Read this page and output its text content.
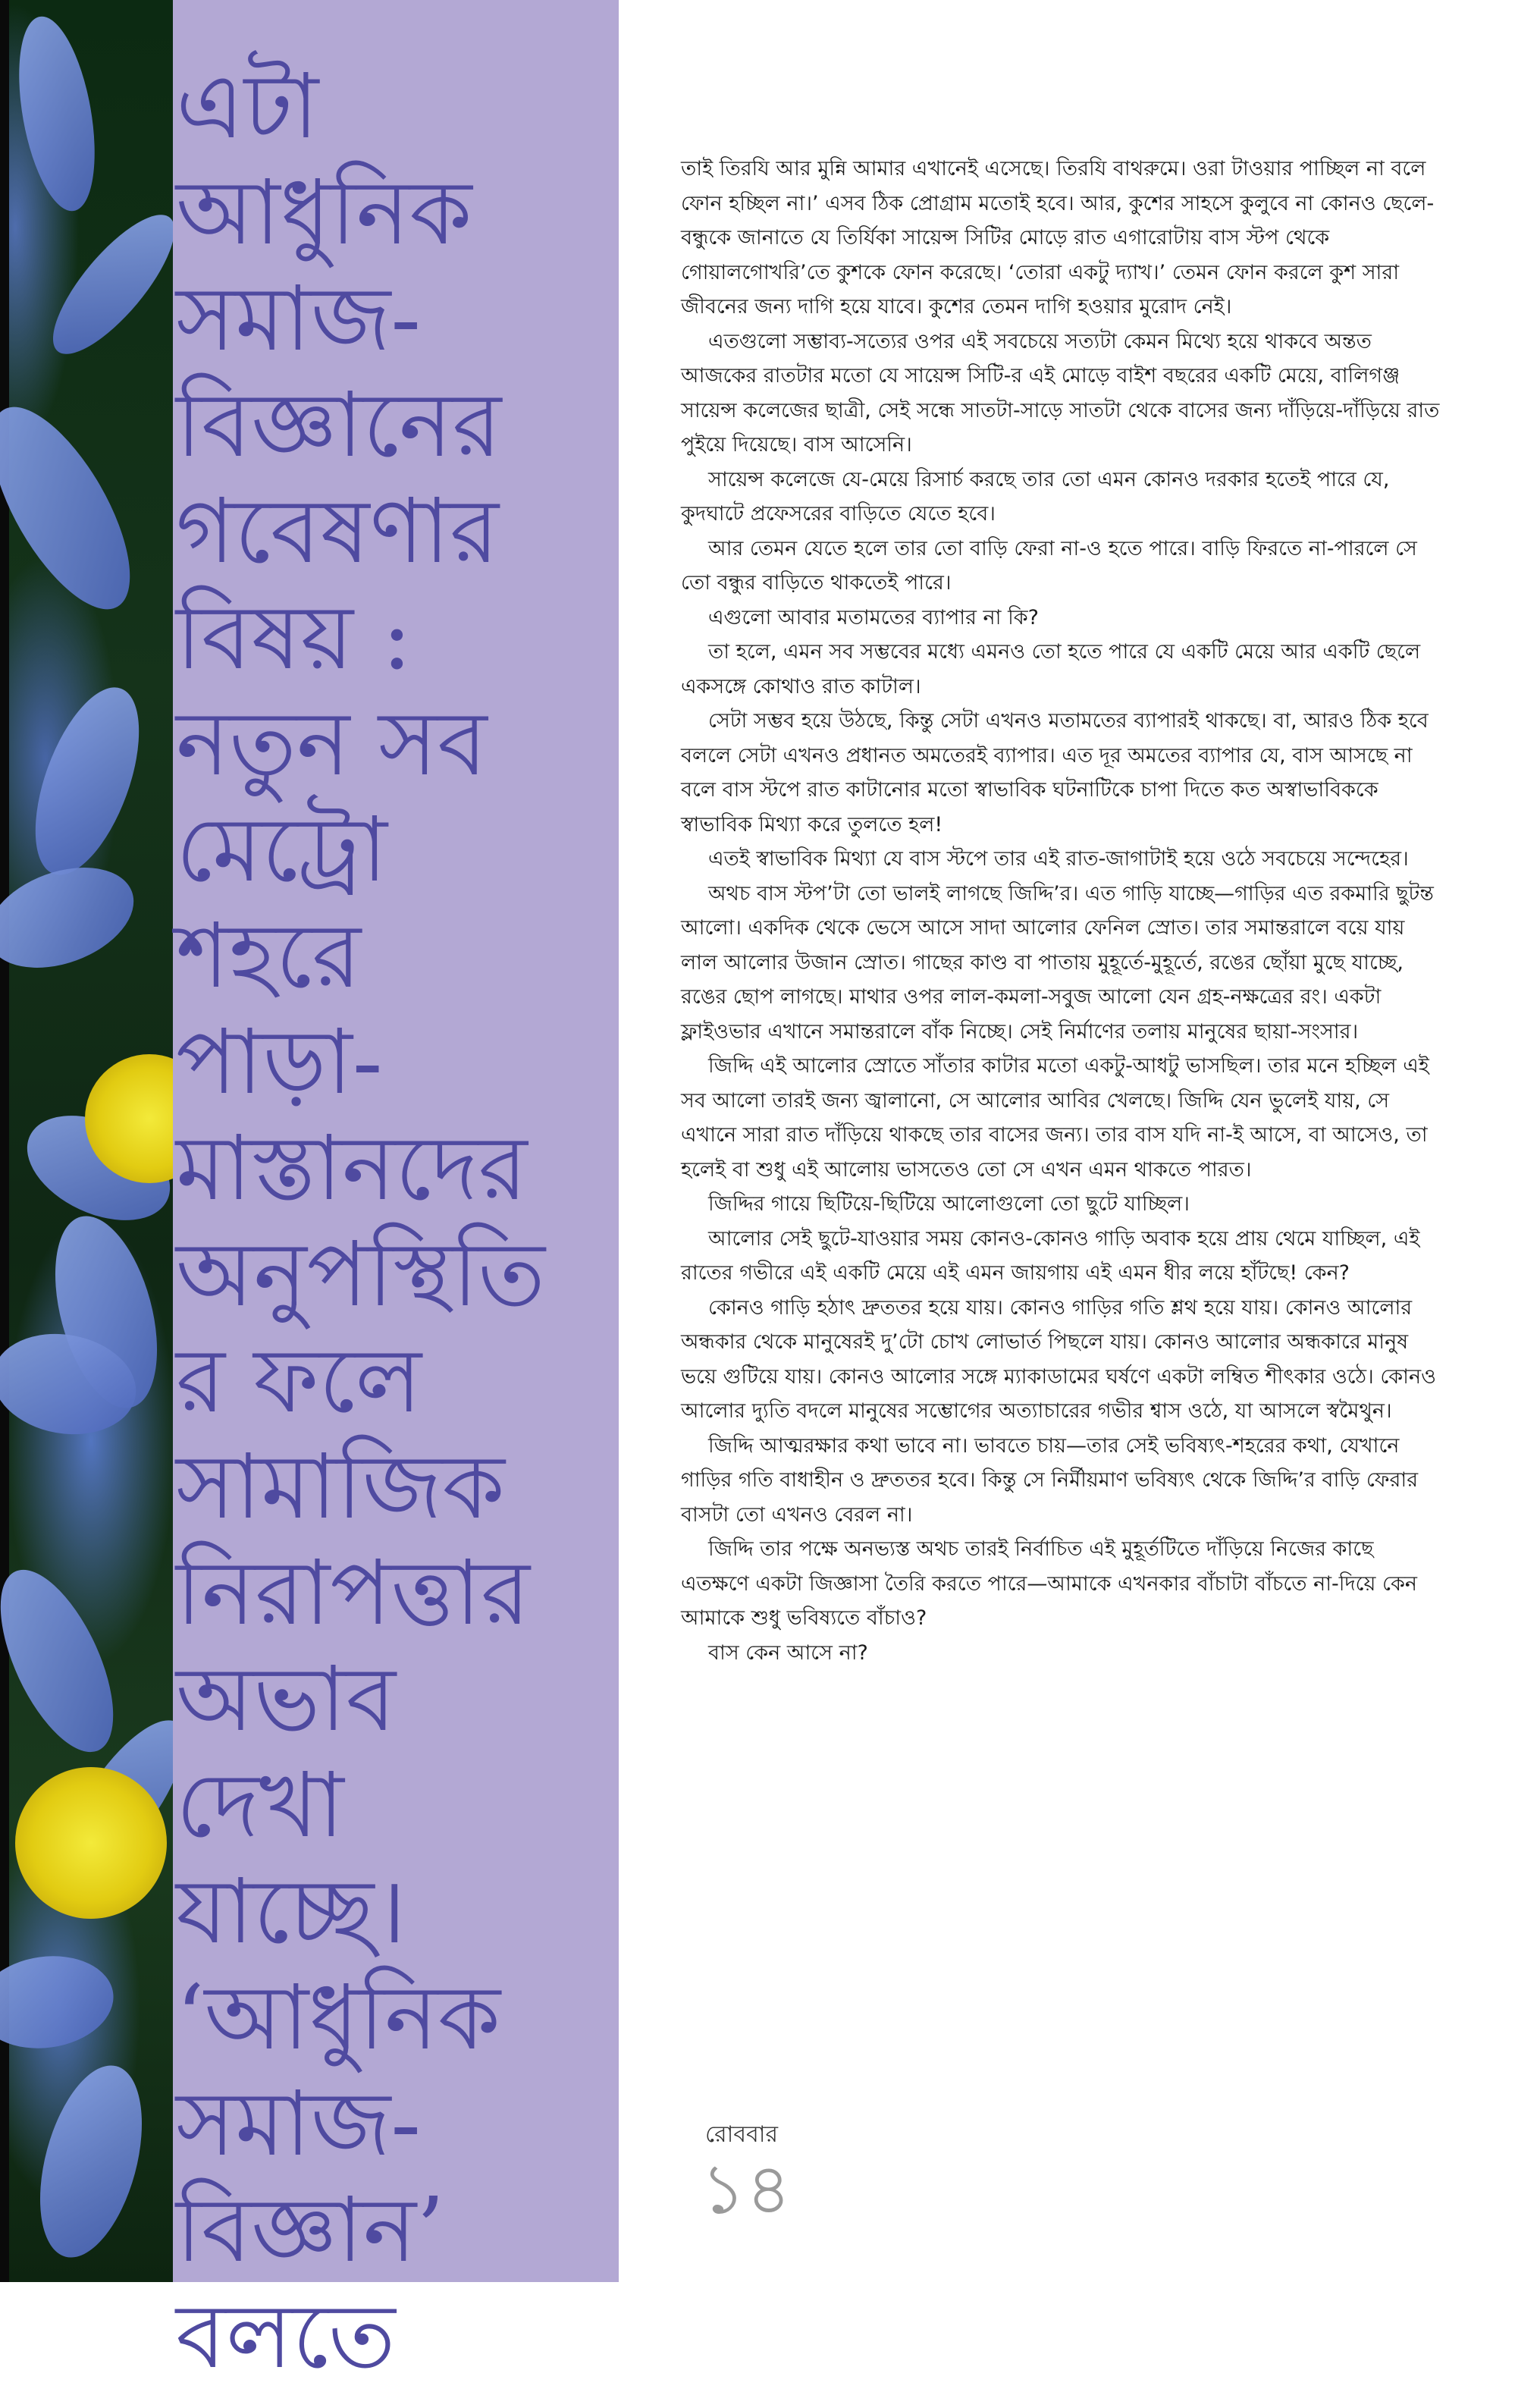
এটা
আধুনিক
সমাজ-
বিজ্ঞানের
গবেষণার
বিষয় :
নতুন সব
মেট্রো
শহরে
পাড়া-
মাস্তানদের
অনুপস্থিতি
র ফলে
সামাজিক
নিরাপত্তার
অভাব
দেখা
যাচ্ছে।
‘আধুনিক
সমাজ-
বিজ্ঞান’
বলতে

তাই তিরযি আর মুন্নি আমার এখানেই এসেছে। তিরযি বাথরুমে। ওরা টাওয়ার পাচ্ছিল না বলে ফোন হচ্ছিল না।’ এসব ঠিক প্রোগ্রাম মতোই হবে। আর, কুশের সাহসে কুলুবে না কোনও ছেলে-বন্ধুকে জানাতে যে তির্যিকা সায়েন্স সিটির মোড়ে রাত এগারোটায় বাস স্টপ থেকে গোয়ালগোখরি’তে কুশকে ফোন করেছে। ‘তোরা একটু দ্যাখ।’ তেমন ফোন করলে কুশ সারা জীবনের জন্য দাগি হয়ে যাবে। কুশের তেমন দাগি হওয়ার মুরোদ নেই।

এতগুলো সম্ভাব্য-সত্যের ওপর এই সবচেয়ে সত্যটা কেমন মিথ্যে হয়ে থাকবে অন্তত আজকের রাতটার মতো যে সায়েন্স সিটি-র এই মোড়ে বাইশ বছরের একটি মেয়ে, বালিগঞ্জ সায়েন্স কলেজের ছাত্রী, সেই সন্ধে সাতটা-সাড়ে সাতটা থেকে বাসের জন্য দাঁড়িয়ে-দাঁড়িয়ে রাত পুইয়ে দিয়েছে। বাস আসেনি।

সায়েন্স কলেজে যে-মেয়ে রিসার্চ করছে তার তো এমন কোনও দরকার হতেই পারে যে, কুদঘাটে প্রফেসরের বাড়িতে যেতে হবে।

আর তেমন যেতে হলে তার তো বাড়ি ফেরা না-ও হতে পারে। বাড়ি ফিরতে না-পারলে সে তো বন্ধুর বাড়িতে থাকতেই পারে।

এগুলো আবার মতামতের ব্যাপার না কি?

তা হলে, এমন সব সম্ভবের মধ্যে এমনও তো হতে পারে যে একটি মেয়ে আর একটি ছেলে একসঙ্গে কোথাও রাত কাটাল।

সেটা সম্ভব হয়ে উঠছে, কিন্তু সেটা এখনও মতামতের ব্যাপারই থাকছে। বা, আরও ঠিক হবে বললে সেটা এখনও প্রধানত অমতেরই ব্যাপার। এত দূর অমতের ব্যাপার যে, বাস আসছে না বলে বাস স্টপে রাত কাটানোর মতো স্বাভাবিক ঘটনাটিকে চাপা দিতে কত অস্বাভাবিককে স্বাভাবিক মিথ্যা করে তুলতে হল!

এতই স্বাভাবিক মিথ্যা যে বাস স্টপে তার এই রাত-জাগাটাই হয়ে ওঠে সবচেয়ে সন্দেহের।

অথচ বাস স্টপ’টা তো ভালই লাগছে জিদ্দি’র। এত গাড়ি যাচ্ছে—গাড়ির এত রকমারি ছুটন্ত আলো। একদিক থেকে ভেসে আসে সাদা আলোর ফেনিল স্রোত। তার সমান্তরালে বয়ে যায় লাল আলোর উজান স্রোত। গাছের কাণ্ড বা পাতায় মুহূর্তে-মুহূর্তে, রঙের ছোঁয়া মুছে যাচ্ছে, রঙের ছোপ লাগছে। মাথার ওপর লাল-কমলা-সবুজ আলো যেন গ্রহ-নক্ষত্রের রং। একটা ফ্লাইওভার এখানে সমান্তরালে বাঁক নিচ্ছে। সেই নির্মাণের তলায় মানুষের ছায়া-সংসার।

জিদ্দি এই আলোর স্রোতে সাঁতার কাটার মতো একটু-আধটু ভাসছিল। তার মনে হচ্ছিল এই সব আলো তারই জন্য জ্বালানো, সে আলোর আবির খেলছে। জিদ্দি যেন ভুলেই যায়, সে এখানে সারা রাত দাঁড়িয়ে থাকছে তার বাসের জন্য। তার বাস যদি না-ই আসে, বা আসেও, তা হলেই বা শুধু এই আলোয় ভাসতেও তো সে এখন এমন থাকতে পারত।

জিদ্দির গায়ে ছিটিয়ে-ছিটিয়ে আলোগুলো তো ছুটে যাচ্ছিল।

আলোর সেই ছুটে-যাওয়ার সময় কোনও-কোনও গাড়ি অবাক হয়ে প্রায় থেমে যাচ্ছিল, এই রাতের গভীরে এই একটি মেয়ে এই এমন জায়গায় এই এমন ধীর লয়ে হাঁটছে! কেন?

কোনও গাড়ি হঠাৎ দ্রুততর হয়ে যায়। কোনও গাড়ির গতি শ্লথ হয়ে যায়। কোনও আলোর অন্ধকার থেকে মানুষেরই দু’টো চোখ লোভার্ত পিছলে যায়। কোনও আলোর অন্ধকারে মানুষ ভয়ে গুটিয়ে যায়। কোনও আলোর সঙ্গে ম্যাকাডামের ঘর্ষণে একটা লম্বিত শীৎকার ওঠে। কোনও আলোর দ্যুতি বদলে মানুষের সম্ভোগের অত্যাচারের গভীর শ্বাস ওঠে, যা আসলে স্বমৈথুন।

জিদ্দি আত্মরক্ষার কথা ভাবে না। ভাবতে চায়—তার সেই ভবিষ্যৎ-শহরের কথা, যেখানে গাড়ির গতি বাধাহীন ও দ্রুততর হবে। কিন্তু সে নির্মীয়মাণ ভবিষ্যৎ থেকে জিদ্দি’র বাড়ি ফেরার বাসটা তো এখনও বেরল না।

জিদ্দি তার পক্ষে অনভ্যস্ত অথচ তারই নির্বাচিত এই মুহূর্তটিতে দাঁড়িয়ে নিজের কাছে এতক্ষণে একটা জিজ্ঞাসা তৈরি করতে পারে—আমাকে এখনকার বাঁচাটা বাঁচতে না-দিয়ে কেন আমাকে শুধু ভবিষ্যতে বাঁচাও?

বাস কেন আসে না?

রোববার
১৪
